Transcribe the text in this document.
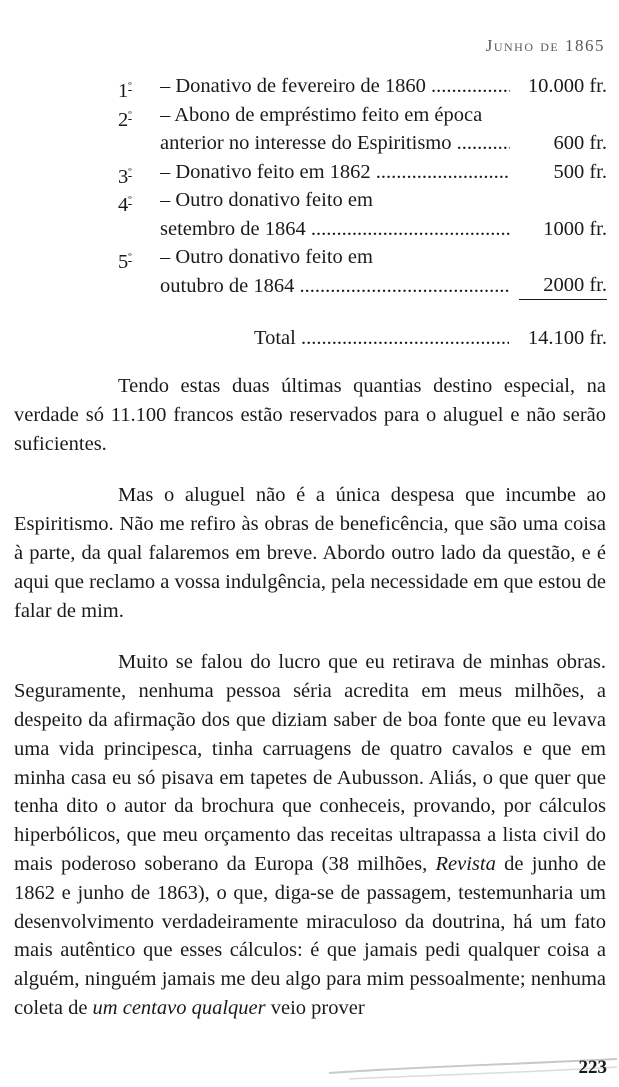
Junho de 1865
$1^º$ – Donativo de fevereiro de 1860 .....	10.000 fr.
$2^º$ – Abono de empréstimo feito em época
anterior no interesse do Espiritismo .....	600 fr.
$3^º$ – Donativo feito em 1862 .....	500 fr.
$4^º$ – Outro donativo feito em
setembro de 1864 .....	1000 fr.
$5^º$ – Outro donativo feito em
outubro de 1864 .....	2000 fr.
Total .....	14.100 fr.

Tendo estas duas últimas quantias destino especial, na verdade só 11.100 francos estão reservados para o aluguel e não serão suficientes.

Mas o aluguel não é a única despesa que incumbe ao Espiritismo. Não me refiro às obras de beneficência, que são uma coisa à parte, da qual falaremos em breve. Abordo outro lado da questão, e é aqui que reclamo a vossa indulgência, pela necessidade em que estou de falar de mim.

Muito se falou do lucro que eu retirava de minhas obras. Seguramente, nenhuma pessoa séria acredita em meus milhões, a despeito da afirmação dos que diziam saber de boa fonte que eu levava uma vida principesca, tinha carruagens de quatro cavalos e que em minha casa eu só pisava em tapetes de Aubusson. Aliás, o que quer que tenha dito o autor da brochura que conheceis, provando, por cálculos hiperbólicos, que meu orçamento das receitas ultrapassa a lista civil do mais poderoso soberano da Europa (38 milhões, Revista de junho de 1862 e junho de 1863), o que, diga-se de passagem, testemunharia um desenvolvimento verdadeiramente miraculoso da doutrina, há um fato mais autêntico que esses cálculos: é que jamais pedi qualquer coisa a alguém, ninguém jamais me deu algo para mim pessoalmente; nenhuma coleta de um centavo qualquer veio prover

223
